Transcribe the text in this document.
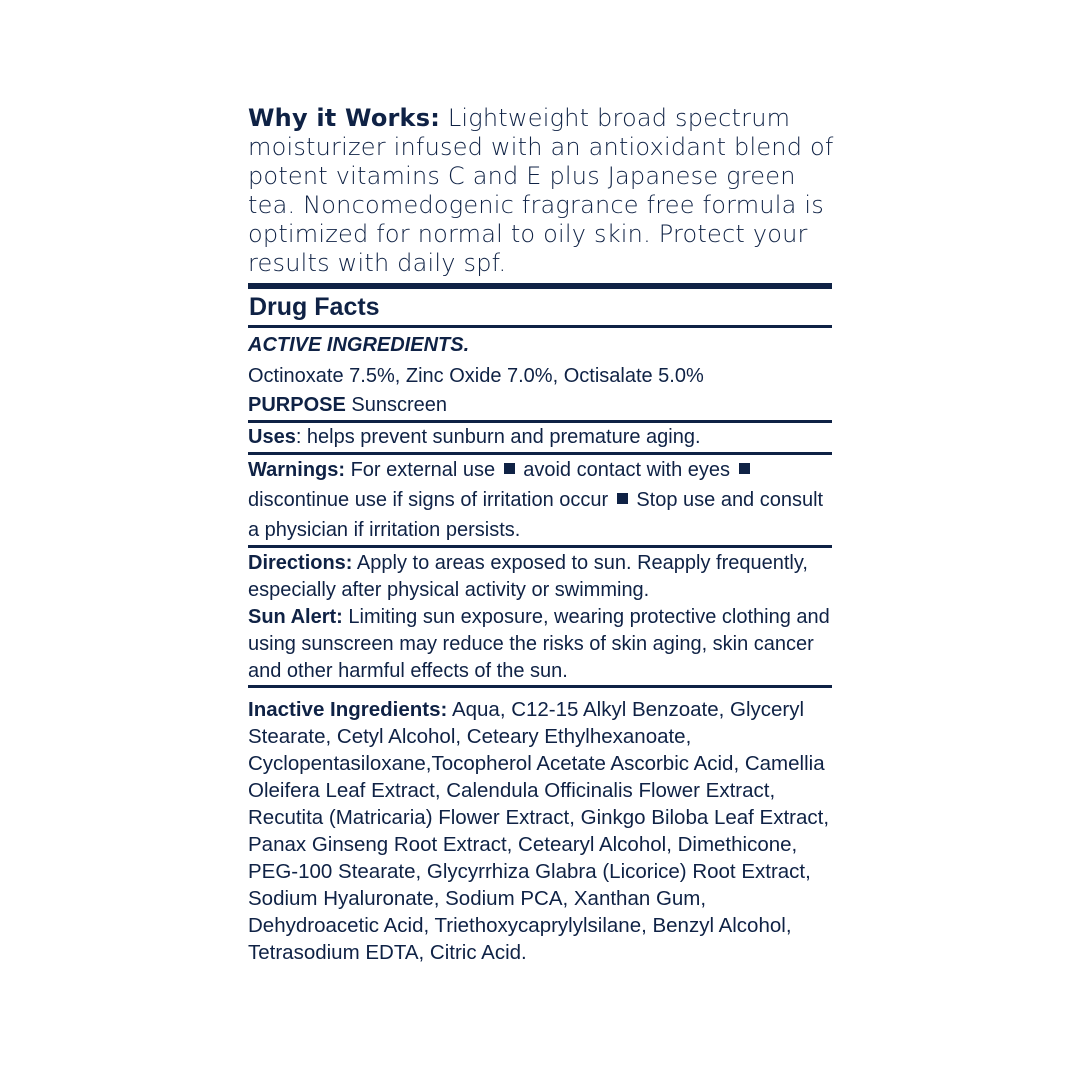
Why it Works: Lightweight broad spectrum moisturizer infused with an antioxidant blend of potent vitamins C and E plus Japanese green tea. Noncomedogenic fragrance free formula is optimized for normal to oily skin. Protect your results with daily spf.
Drug Facts
ACTIVE INGREDIENTS.
Octinoxate 7.5%, Zinc Oxide 7.0%, Octisalate 5.0%
PURPOSE Sunscreen
Uses: helps prevent sunburn and premature aging.
Warnings: For external use avoid contact with eyes  discontinue use if signs of irritation occur Stop use and consult a physician if irritation persists.
Directions: Apply to areas exposed to sun. Reapply frequently, especially after physical activity or swimming.
Sun Alert: Limiting sun exposure, wearing protective clothing and using sunscreen may reduce the risks of skin aging, skin cancer and other harmful effects of the sun.
Inactive Ingredients: Aqua, C12-15 Alkyl Benzoate, Glyceryl Stearate, Cetyl Alcohol, Ceteary Ethylhexanoate, Cyclopentasiloxane,Tocopherol Acetate Ascorbic Acid, Camellia Oleifera Leaf Extract, Calendula Officinalis Flower Extract, Recutita (Matricaria) Flower Extract, Ginkgo Biloba Leaf Extract, Panax Ginseng Root Extract, Cetearyl Alcohol, Dimethicone, PEG-100 Stearate, Glycyrrhiza Glabra (Licorice) Root Extract, Sodium Hyaluronate, Sodium PCA, Xanthan Gum, Dehydroacetic Acid, Triethoxycaprylylsilane, Benzyl Alcohol, Tetrasodium EDTA, Citric Acid.
